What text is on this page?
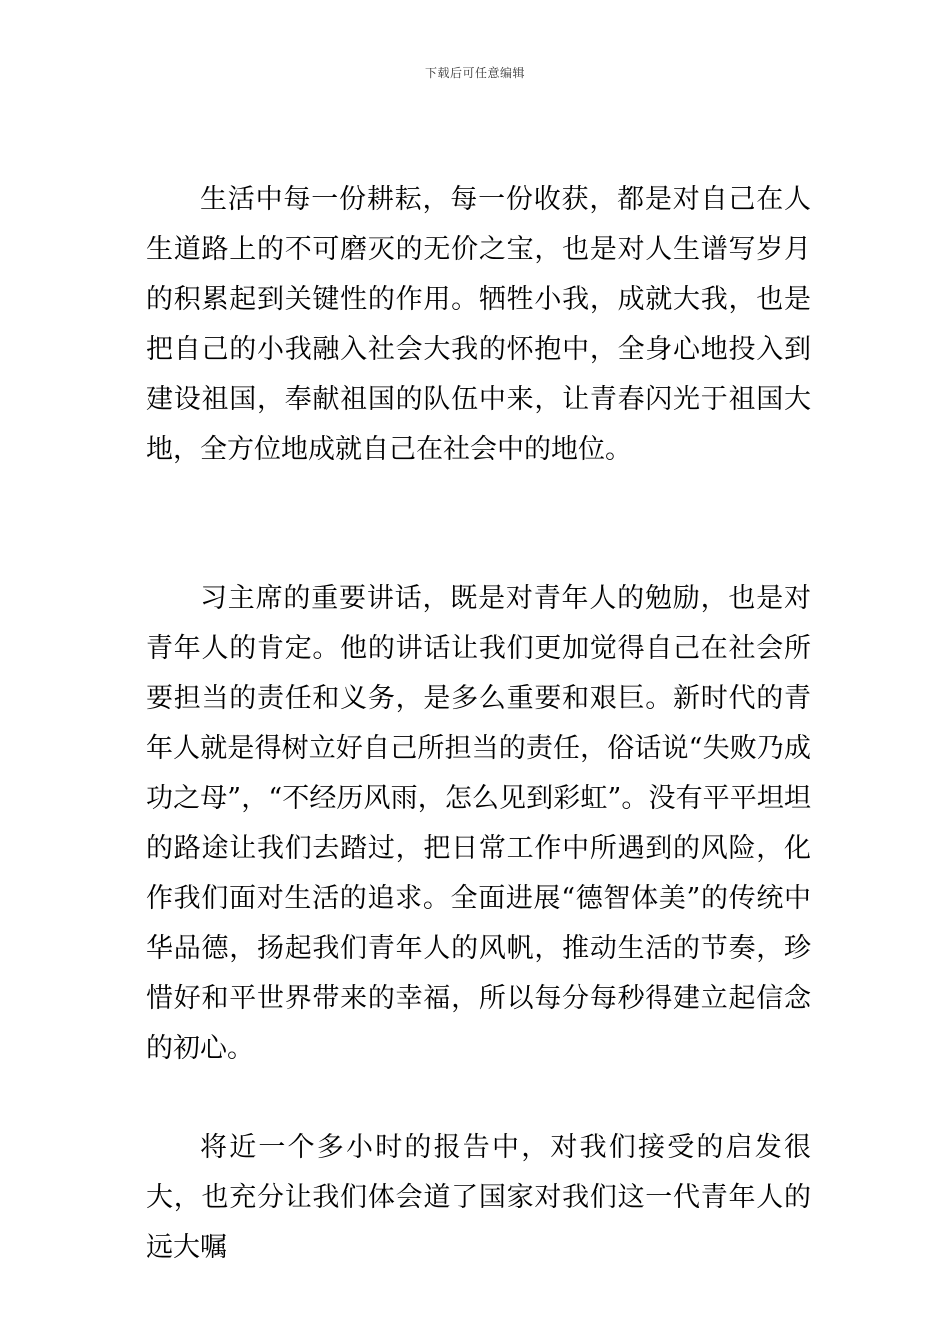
下载后可任意编辑

生活中每一份耕耘，每一份收获，都是对自己在人生道路上的不可磨灭的无价之宝，也是对人生谱写岁月的积累起到关键性的作用。牺牲小我，成就大我，也是把自己的小我融入社会大我的怀抱中，全身心地投入到建设祖国，奉献祖国的队伍中来，让青春闪光于祖国大地，全方位地成就自己在社会中的地位。

习主席的重要讲话，既是对青年人的勉励，也是对青年人的肯定。他的讲话让我们更加觉得自己在社会所要担当的责任和义务，是多么重要和艰巨。新时代的青年人就是得树立好自己所担当的责任，俗话说“失败乃成功之母”，“不经历风雨，怎么见到彩虹”。没有平平坦坦的路途让我们去踏过，把日常工作中所遇到的风险，化作我们面对生活的追求。全面进展“德智体美”的传统中华品德，扬起我们青年人的风帆，推动生活的节奏，珍惜好和平世界带来的幸福，所以每分每秒得建立起信念的初心。

将近一个多小时的报告中，对我们接受的启发很大，也充分让我们体会道了国家对我们这一代青年人的远大嘱
